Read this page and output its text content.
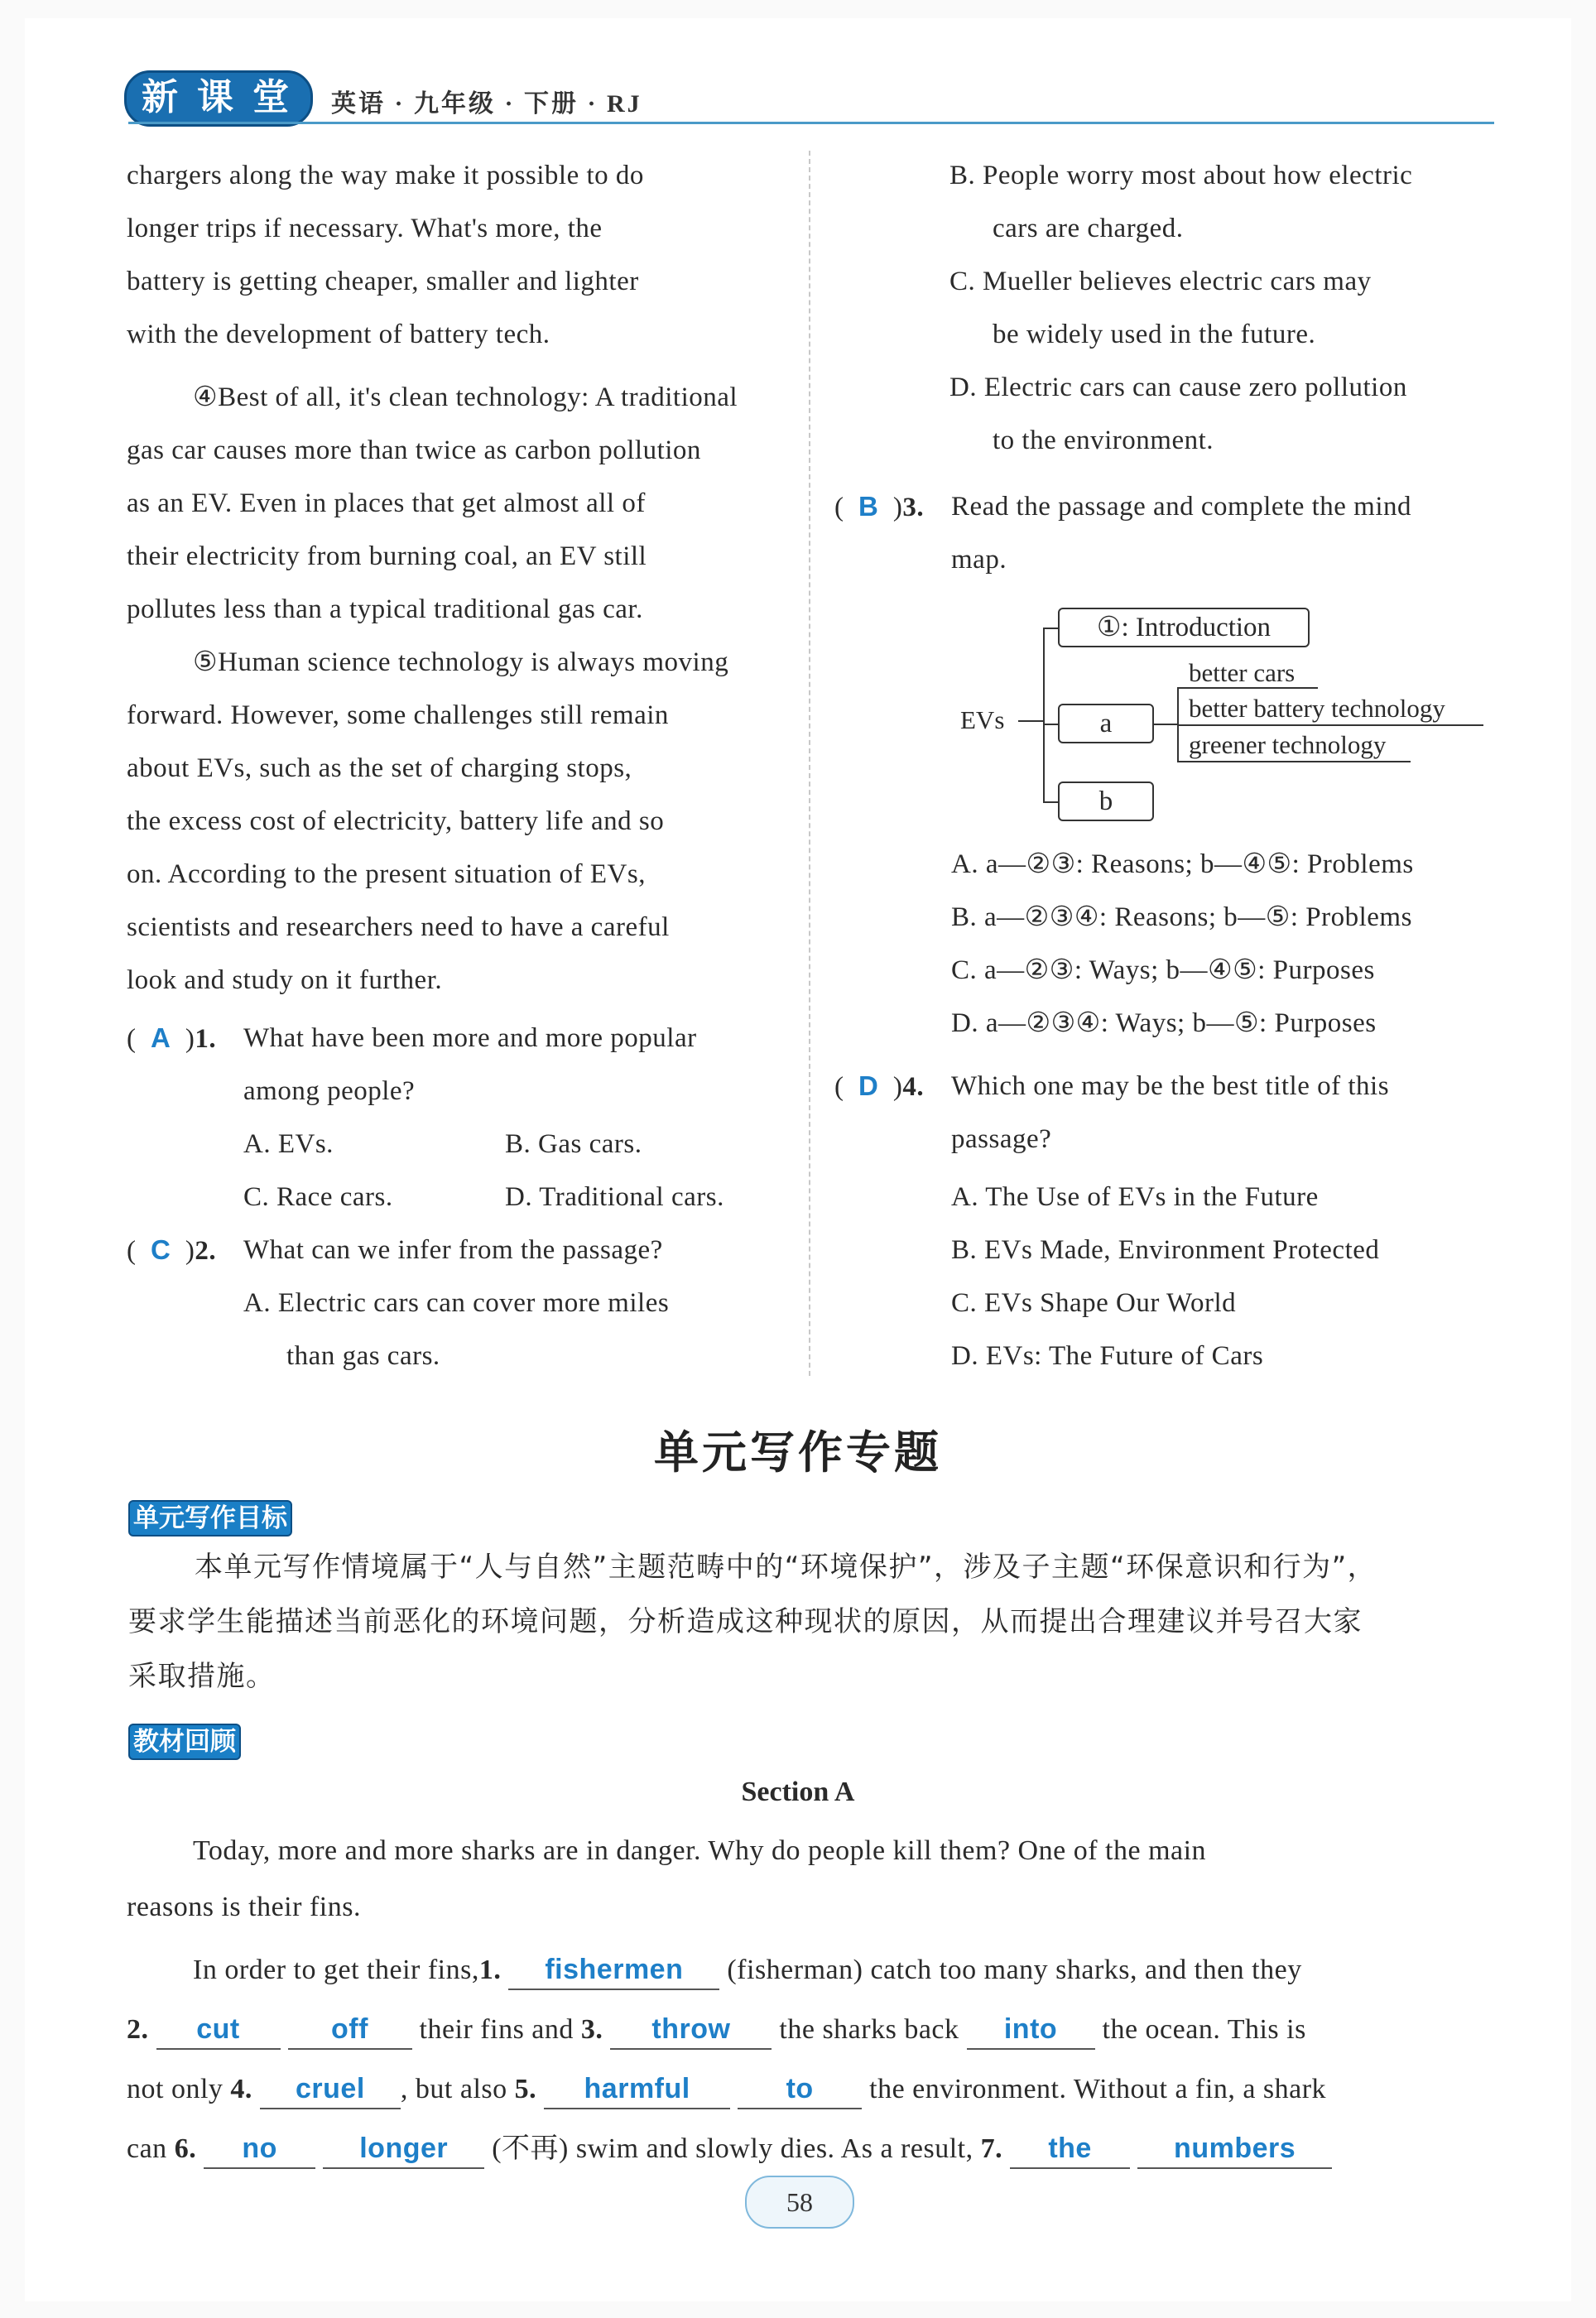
新 课 堂 英语 · 九年级 · 下册 · RJ
chargers along the way make it possible to do
longer trips if necessary. What's more, the
battery is getting cheaper, smaller and lighter
with the development of battery tech.
④Best of all, it's clean technology: A traditional
gas car causes more than twice as carbon pollution
as an EV. Even in places that get almost all of
their electricity from burning coal, an EV still
pollutes less than a typical traditional gas car.
⑤Human science technology is always moving
forward. However, some challenges still remain
about EVs, such as the set of charging stops,
the excess cost of electricity, battery life and so
on. According to the present situation of EVs,
scientists and researchers need to have a careful
look and study on it further.
( A )1. What have been more and more popular
among people?
A. EVs.	B. Gas cars.
C. Race cars.	D. Traditional cars.
( C )2. What can we infer from the passage?
A. Electric cars can cover more miles
than gas cars.
B. People worry most about how electric
cars are charged.
C. Mueller believes electric cars may
be widely used in the future.
D. Electric cars can cause zero pollution
to the environment.
( B )3. Read the passage and complete the mind
map.
EVs
①: Introduction
a
b
better cars
better battery technology
greener technology
A. a—②③: Reasons; b—④⑤: Problems
B. a—②③④: Reasons; b—⑤: Problems
C. a—②③: Ways; b—④⑤: Purposes
D. a—②③④: Ways; b—⑤: Purposes
( D )4. Which one may be the best title of this
passage?
A. The Use of EVs in the Future
B. EVs Made, Environment Protected
C. EVs Shape Our World
D. EVs: The Future of Cars
单元写作专题
单元写作目标
本单元写作情境属于“人与自然”主题范畴中的“环境保护”，涉及子主题“环保意识和行为”，
要求学生能描述当前恶化的环境问题，分析造成这种现状的原因，从而提出合理建议并号召大家
采取措施。
教材回顾
Section A
Today, more and more sharks are in danger. Why do people kill them? One of the main
reasons is their fins.
In order to get their fins,1. fishermen (fisherman) catch too many sharks, and then they
2. cut	off their fins and 3. throw the sharks back into the ocean. This is
not only 4. cruel , but also 5. harmful	to the environment. Without a fin, a shark
can 6. no	longer (不再) swim and slowly dies. As a result, 7. the	numbers
58
